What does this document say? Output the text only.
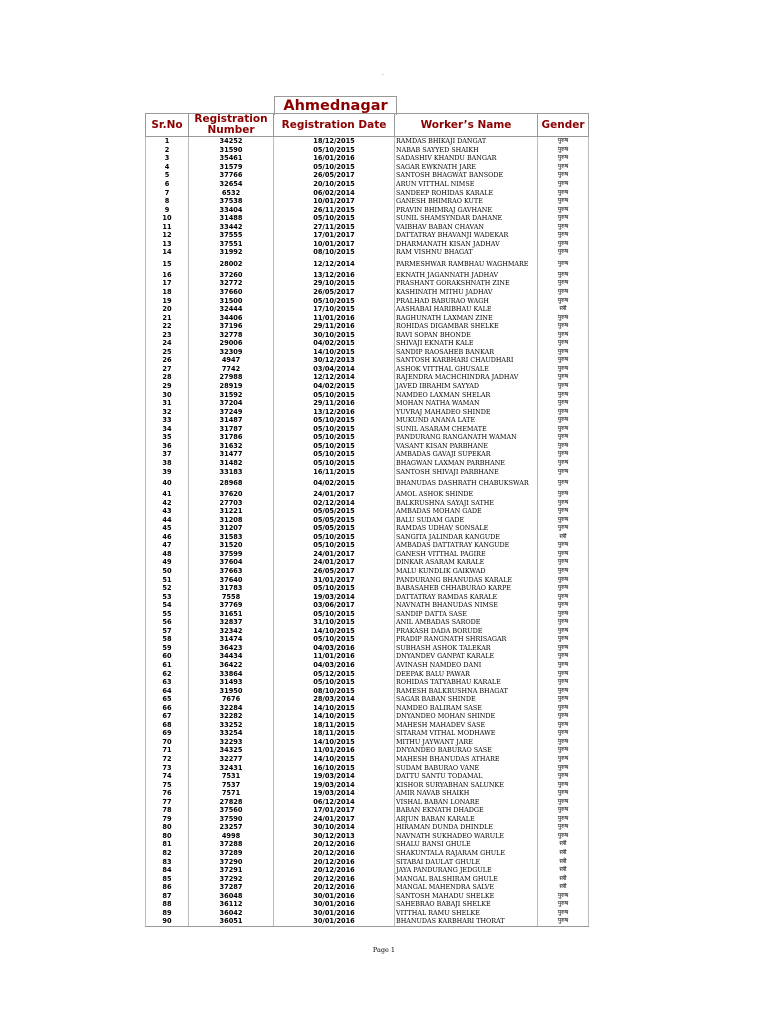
.
Ahmednagar
Sr.No	Registration Number	Registration Date	Worker’s Name	Gender
1	34252	18/12/2015	RAMDAS BHIKAJI DANGAT	पुरुष
2	31590	05/10/2015	NABAB SAYYED SHAIKH	पुरुष
3	35461	16/01/2016	SADASHIV KHANDU BANGAR	पुरुष
4	31579	05/10/2015	SAGAR EWKNATH JARE	पुरुष
5	37766	26/05/2017	SANTOSH BHAGWAT BANSODE	पुरुष
6	32654	20/10/2015	ARUN VITTHAL NIMSE	पुरुष
7	6532	06/02/2014	SANDEEP ROHIDAS KARALE	पुरुष
8	37538	10/01/2017	GANESH BHIMRAO KUTE	पुरुष
9	33404	26/11/2015	PRAVIN BHIMRAJ GAVHANE	पुरुष
10	31488	05/10/2015	SUNIL SHAMSYNDAR DAHANE	पुरुष
11	33442	27/11/2015	VAIBHAV BABAN CHAVAN	पुरुष
12	37555	17/01/2017	DATTATRAY BHAVANJI WADEKAR	पुरुष
13	37551	10/01/2017	DHARMANATH KISAN JADHAV	पुरुष
14	31992	08/10/2015	RAM VISHNU BHAGAT	पुरुष
15	28002	12/12/2014	PARMESHWAR RAMBHAU WAGHMARE	पुरुष
16	37260	13/12/2016	EKNATH JAGANNATH JADHAV	पुरुष
17	32772	29/10/2015	PRASHANT GORAKSHNATH ZINE	पुरुष
18	37660	26/05/2017	KASHINATH MITHU JADHAV	पुरुष
19	31500	05/10/2015	PRALHAD BABURAO WAGH	पुरुष
20	32444	17/10/2015	AASHABAI HARIBHAU KALE	स्त्री
21	34406	11/01/2016	RAGHUNATH LAXMAN ZINE	पुरुष
22	37196	29/11/2016	ROHIDAS DIGAMBAR SHELKE	पुरुष
23	32778	30/10/2015	RAVI SOPAN BHONDE	पुरुष
24	29006	04/02/2015	SHIVAJI EKNATH KALE	पुरुष
25	32309	14/10/2015	SANDIP RAOSAHEB BANKAR	पुरुष
26	4947	30/12/2013	SANTOSH KARBHARI CHAUDHARI	पुरुष
27	7742	03/04/2014	ASHOK VITTHAL GHUSALE	पुरुष
28	27988	12/12/2014	RAJENDRA MACHCHINDRA JADHAV	पुरुष
29	28919	04/02/2015	JAVED IBRAHIM SAYYAD	पुरुष
30	31592	05/10/2015	NAMDEO LAXMAN SHELAR	पुरुष
31	37204	29/11/2016	MOHAN NATHA WAMAN	पुरुष
32	37249	13/12/2016	YUVRAJ MAHADEO SHINDE	पुरुष
33	31487	05/10/2015	MUKUND ANANA LATE	पुरुष
34	31787	05/10/2015	SUNIL ASARAM CHEMATE	पुरुष
35	31786	05/10/2015	PANDURANG RANGANATH WAMAN	पुरुष
36	31632	05/10/2015	VASANT KISAN PARBHANE	पुरुष
37	31477	05/10/2015	AMBADAS GAVAJI SUPEKAR	पुरुष
38	31482	05/10/2015	BHAGWAN LAXMAN PARBHANE	पुरुष
39	33183	16/11/2015	SANTOSH SHIVAJI PARBHANE	पुरुष
40	28968	04/02/2015	BHANUDAS DASHRATH CHABUKSWAR	पुरुष
41	37620	24/01/2017	AMOL ASHOK SHINDE	पुरुष
42	27703	02/12/2014	BALKRUSHNA SAYAJI SATHE	पुरुष
43	31221	05/05/2015	AMBADAS MOHAN GADE	पुरुष
44	31208	05/05/2015	BALU SUDAM GADE	पुरुष
45	31207	05/05/2015	RAMDAS UDHAV SONSALE	पुरुष
46	31583	05/10/2015	SANGITA JALINDAR KANGUDE	स्त्री
47	31520	05/10/2015	AMBADAS DATTATRAY KANGUDE	पुरुष
48	37599	24/01/2017	GANESH VITTHAL PAGIRE	पुरुष
49	37604	24/01/2017	DINKAR ASARAM KARALE	पुरुष
50	37663	26/05/2017	MALU KUNDLIK GAIKWAD	पुरुष
51	37640	31/01/2017	PANDURANG BHANUDAS KARALE	पुरुष
52	31783	05/10/2015	BABASAHEB CHHABURAO KARPE	पुरुष
53	7558	19/03/2014	DATTATRAY RAMDAS KARALE	पुरुष
54	37769	03/06/2017	NAVNATH BHANUDAS NIMSE	पुरुष
55	31651	05/10/2015	SANDIP DATTA SASE	पुरुष
56	32837	31/10/2015	ANIL AMBADAS SARODE	पुरुष
57	32342	14/10/2015	PRAKASH DADA BORUDE	पुरुष
58	31474	05/10/2015	PRADIP RANGNATH SHRISAGAR	पुरुष
59	36423	04/03/2016	SUBHASH ASHOK TALEKAR	पुरुष
60	34434	11/01/2016	DNYANDEV GANPAT KARALE	पुरुष
61	36422	04/03/2016	AVINASH NAMDEO DANI	पुरुष
62	33864	05/12/2015	DEEPAK BALU PAWAR	पुरुष
63	31493	05/10/2015	ROHIDAS TATYABHAU KARALE	पुरुष
64	31950	08/10/2015	RAMESH BALKRUSHNA BHAGAT	पुरुष
65	7676	28/03/2014	SAGAR BABAN SHINDE	पुरुष
66	32284	14/10/2015	NAMDEO BALIRAM SASE	पुरुष
67	32282	14/10/2015	DNYANDEO MOHAN SHINDE	पुरुष
68	33252	18/11/2015	MAHESH MAHADEV SASE	पुरुष
69	33254	18/11/2015	SITARAM VITHAL MODHAWE	पुरुष
70	32293	14/10/2015	MITHU JAYWANT JARE	पुरुष
71	34325	11/01/2016	DNYANDEO BABURAO SASE	पुरुष
72	32277	14/10/2015	MAHESH BHANUDAS ATHARE	पुरुष
73	32431	16/10/2015	SUDAM BABURAO VANE	पुरुष
74	7531	19/03/2014	DATTU SANTU TODAMAL	पुरुष
75	7537	19/03/2014	KISHOR SURYABHAN SALUNKE	पुरुष
76	7571	19/03/2014	AMIR NAVAB SHAIKH	पुरुष
77	27828	06/12/2014	VISHAL BABAN LONARE	पुरुष
78	37560	17/01/2017	BABAN EKNATH DHADGE	पुरुष
79	37590	24/01/2017	ARJUN BABAN KARALE	पुरुष
80	23257	30/10/2014	HIRAMAN DUNDA DHINDLE	पुरुष
80	4998	30/12/2013	NAVNATH SUKHADEO WARULE	पुरुष
81	37288	20/12/2016	SHALU BANSI GHULE	स्त्री
82	37289	20/12/2016	SHAKUNTALA RAJARAM GHULE	स्त्री
83	37290	20/12/2016	SITABAI DAULAT GHULE	स्त्री
84	37291	20/12/2016	JAYA PANDURANG JEDGULE	स्त्री
85	37292	20/12/2016	MANGAL BALSHIRAM GHULE	स्त्री
86	37287	20/12/2016	MANGAL MAHENDRA SALVE	स्त्री
87	36048	30/01/2016	SANTOSH MAHADU SHELKE	पुरुष
88	36112	30/01/2016	SAHEBRAO BABAJI SHELKE	पुरुष
89	36042	30/01/2016	VITTHAL RAMU SHELKE	पुरुष
90	36051	30/01/2016	BHANUDAS KARBHARI THORAT	पुरुष
Page 1
